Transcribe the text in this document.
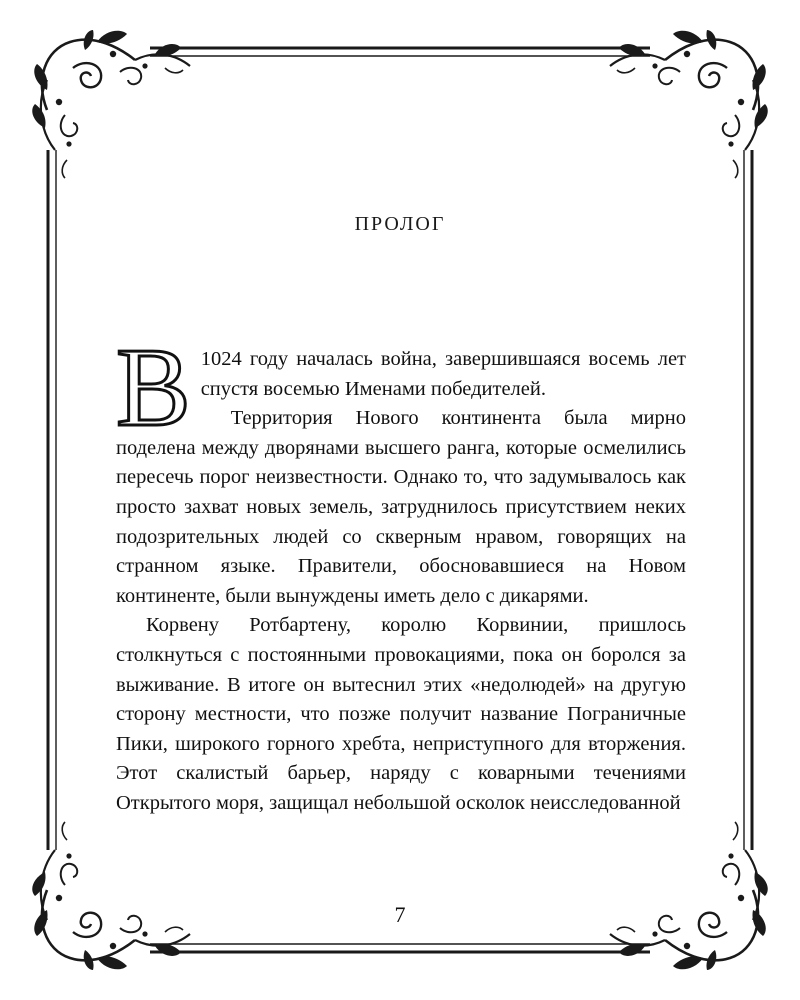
пролог

В 1024 году началась война, завершившаяся восемь лет спустя восемью Именами победителей.

Территория Нового континента была мирно поделена между дворянами высшего ранга, которые осмелились пересечь порог неизвестности. Однако то, что задумывалось как просто захват новых земель, затруднилось присутствием неких подозрительных людей со скверным нравом, говорящих на странном языке. Правители, обосновавшиеся на Новом континенте, были вынуждены иметь дело с дикарями.

Корвену Ротбартену, королю Корвинии, пришлось столкнуться с постоянными провокациями, пока он боролся за выживание. В итоге он вытеснил этих «недолюдей» на другую сторону местности, что позже получит название Пограничные Пики, широкого горного хребта, неприступного для вторжения. Этот скалистый барьер, наряду с коварными течениями Открытого моря, защищал небольшой осколок неисследованной

7
